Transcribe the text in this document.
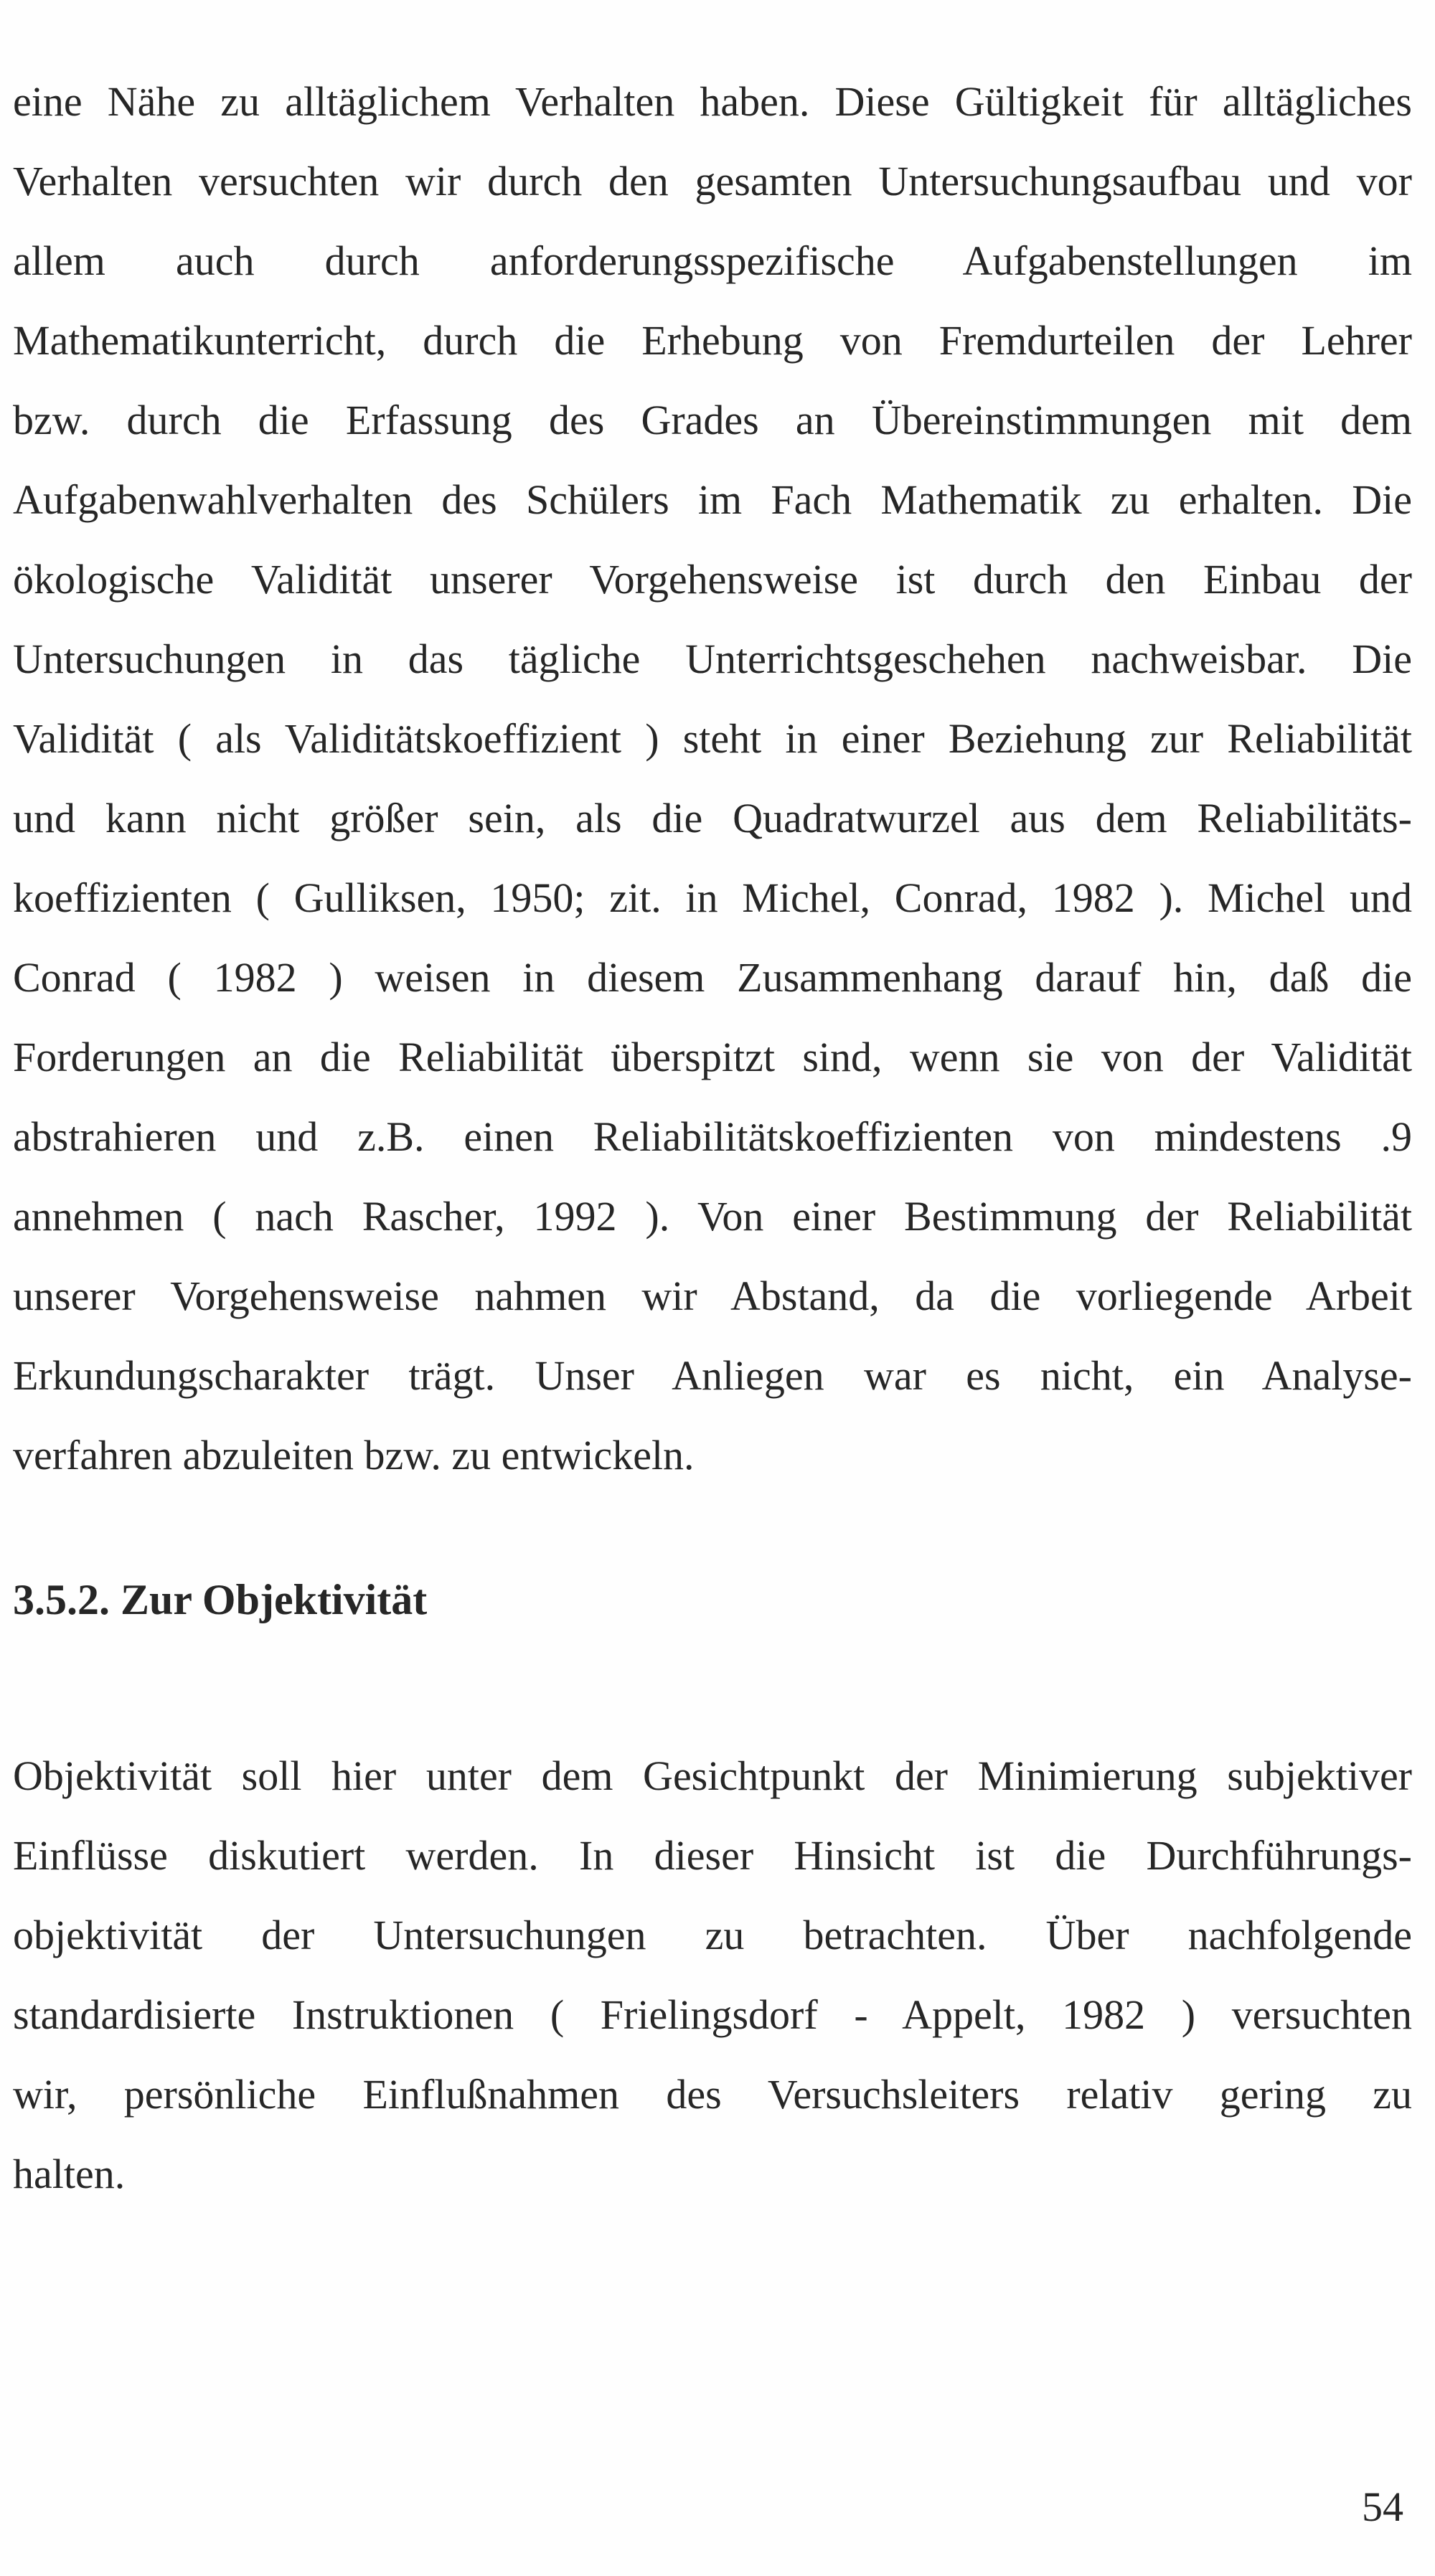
eine Nähe zu alltäglichem Verhalten haben. Diese Gültigkeit für alltägliches
Verhalten versuchten wir durch den gesamten Untersuchungsaufbau und vor
allem auch durch anforderungsspezifische Aufgabenstellungen im
Mathematikunterricht, durch die Erhebung von Fremdurteilen der Lehrer
bzw. durch die Erfassung des Grades an Übereinstimmungen mit dem
Aufgabenwahlverhalten des Schülers im Fach Mathematik zu erhalten. Die
ökologische Validität unserer Vorgehensweise ist durch den Einbau der
Untersuchungen in das tägliche Unterrichtsgeschehen nachweisbar. Die
Validität ( als Validitätskoeffizient ) steht in einer Beziehung zur Reliabilität
und kann nicht größer sein, als die Quadratwurzel aus dem Reliabilitäts-
koeffizienten ( Gulliksen, 1950; zit. in Michel, Conrad, 1982 ). Michel und
Conrad ( 1982 ) weisen in diesem Zusammenhang darauf hin, daß die
Forderungen an die Reliabilität überspitzt sind, wenn sie von der Validität
abstrahieren und z.B. einen Reliabilitätskoeffizienten von mindestens .9
annehmen ( nach Rascher, 1992 ). Von einer Bestimmung der Reliabilität
unserer Vorgehensweise nahmen wir Abstand, da die vorliegende Arbeit
Erkundungscharakter trägt. Unser Anliegen war es nicht, ein Analyse-
verfahren abzuleiten bzw. zu entwickeln.
3.5.2. Zur Objektivität
Objektivität soll hier unter dem Gesichtpunkt der Minimierung subjektiver
Einflüsse diskutiert werden. In dieser Hinsicht ist die Durchführungs-
objektivität der Untersuchungen zu betrachten. Über nachfolgende
standardisierte Instruktionen ( Frielingsdorf - Appelt, 1982 ) versuchten
wir, persönliche Einflußnahmen des Versuchsleiters relativ gering zu
halten.

54
